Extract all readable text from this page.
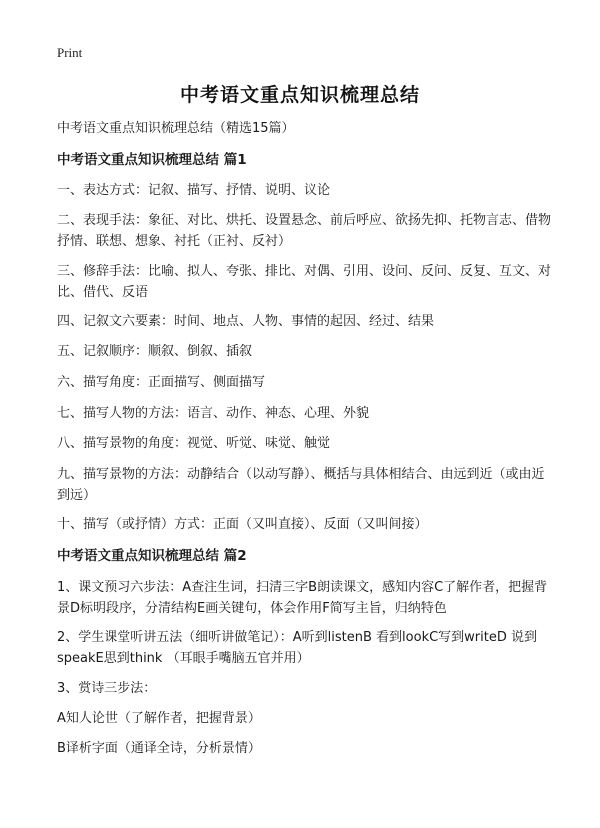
Print
中考语文重点知识梳理总结
中考语文重点知识梳理总结（精选15篇）
中考语文重点知识梳理总结 篇1
一、表达方式：记叙、描写、抒情、说明、议论
二、表现手法：象征、对比、烘托、设置悬念、前后呼应、欲扬先抑、托物言志、借物抒情、联想、想象、衬托（正衬、反衬）
三、修辞手法：比喻、拟人、夸张、排比、对偶、引用、设问、反问、反复、互文、对比、借代、反语
四、记叙文六要素：时间、地点、人物、事情的起因、经过、结果
五、记叙顺序：顺叙、倒叙、插叙
六、描写角度：正面描写、侧面描写
七、描写人物的方法：语言、动作、神态、心理、外貌
八、描写景物的角度：视觉、听觉、味觉、触觉
九、描写景物的方法：动静结合（以动写静）、概括与具体相结合、由远到近（或由近到远）
十、描写（或抒情）方式：正面（又叫直接）、反面（又叫间接）
中考语文重点知识梳理总结 篇2
1、课文预习六步法：A查注生词，扫清三字B朗读课文，感知内容C了解作者，把握背景D标明段序，分清结构E画关键句，体会作用F简写主旨，归纳特色
2、学生课堂听讲五法（细听讲做笔记）：A听到listenB 看到lookC写到writeD 说到speakE思到think （耳眼手嘴脑五官并用）
3、赏诗三步法：
A知人论世（了解作者，把握背景）
B译析字面（通译全诗，分析景情）
